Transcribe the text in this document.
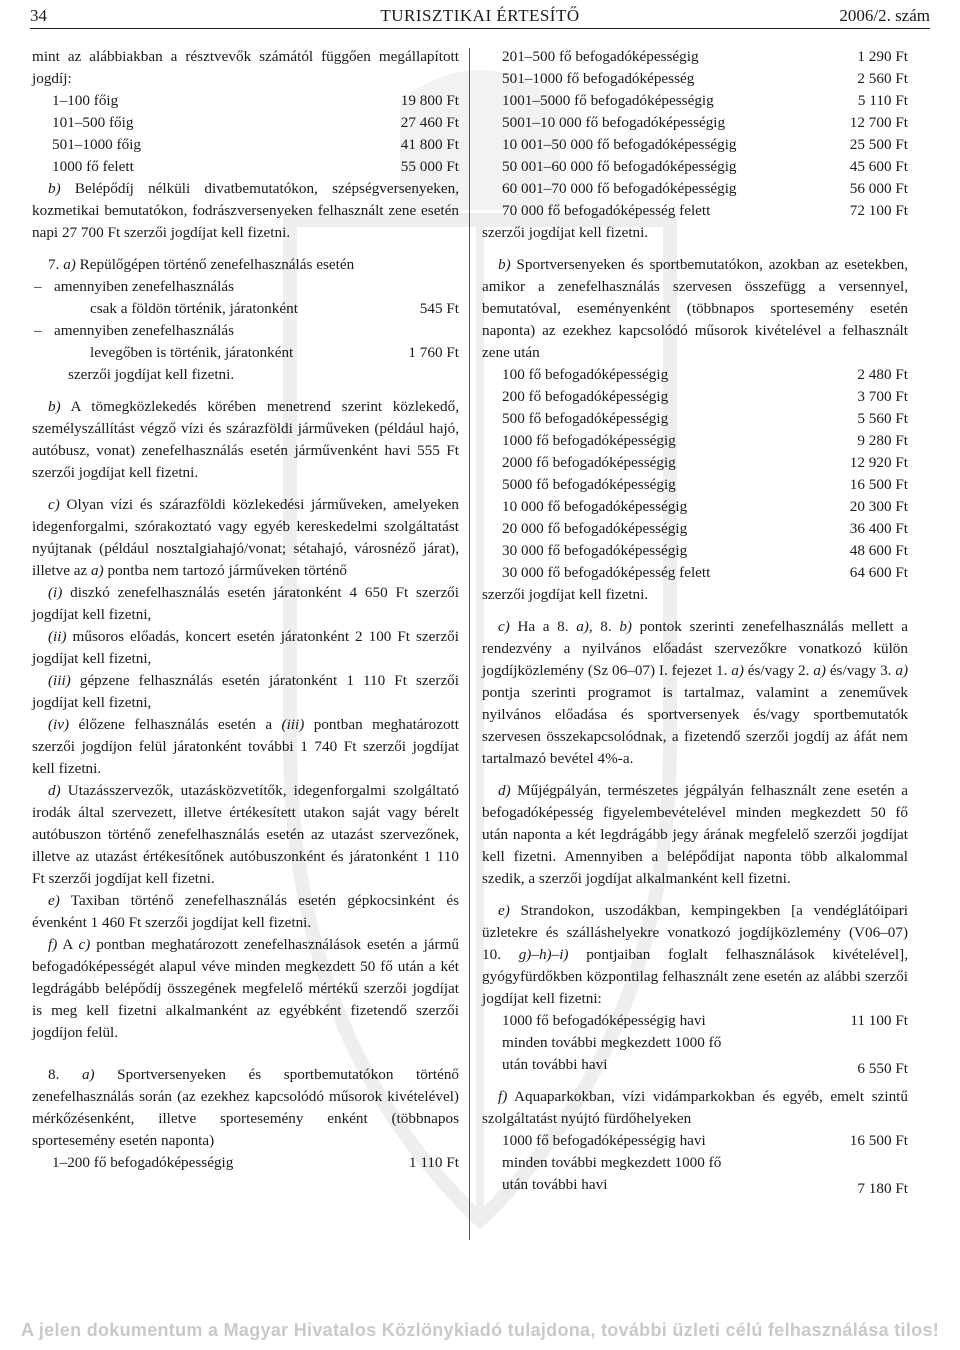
34	TURISZTIKAI ÉRTESÍTŐ	2006/2. szám

mint az alábbiakban a résztvevők számától függően megállapított jogdíj:

1–100 főig	19 800 Ft
101–500 főig	27 460 Ft
501–1000 főig	41 800 Ft
1000 fő felett	55 000 Ft

b) Belépődíj nélküli divatbemutatókon, szépségversenyeken, kozmetikai bemutatókon, fodrászversenyeken felhasznált zene esetén napi 27 700 Ft szerzői jogdíjat kell fizetni.

7. a) Repülőgépen történő zenefelhasználás esetén

– amennyiben zenefelhasználás
csak a földön történik, járatonként	545 Ft
– amennyiben zenefelhasználás
levegőben is történik, járatonként	1 760 Ft

szerzői jogdíjat kell fizetni.

b) A tömegközlekedés körében menetrend szerint közlekedő, személyszállítást végző vízi és szárazföldi járműveken (például hajó, autóbusz, vonat) zenefelhasználás esetén járművenként havi 555 Ft szerzői jogdíjat kell fizetni.

c) Olyan vízi és szárazföldi közlekedési járműveken, amelyeken idegenforgalmi, szórakoztató vagy egyéb kereskedelmi szolgáltatást nyújtanak (például nosztalgiahajó/vonat; sétahajó, városnéző járat), illetve az a) pontba nem tartozó járműveken történő

(i) diszkó zenefelhasználás esetén járatonként 4 650 Ft szerzői jogdíjat kell fizetni,

(ii) műsoros előadás, koncert esetén járatonként 2 100 Ft szerzői jogdíjat kell fizetni,

(iii) gépzene felhasználás esetén járatonként 1 110 Ft szerzői jogdíjat kell fizetni,

(iv) élőzene felhasználás esetén a (iii) pontban meghatározott szerzői jogdíjon felül járatonként további 1 740 Ft szerzői jogdíjat kell fizetni.

d) Utazásszervezők, utazásközvetítők, idegenforgalmi szolgáltató irodák által szervezett, illetve értékesített utakon saját vagy bérelt autóbuszon történő zenefelhasználás esetén az utazást szervezőnek, illetve az utazást értékesítőnek autóbuszonként és járatonként 1 110 Ft szerzői jogdíjat kell fizetni.

e) Taxiban történő zenefelhasználás esetén gépkocsinként és évenként 1 460 Ft szerzői jogdíjat kell fizetni.

f) A c) pontban meghatározott zenefelhasználások esetén a jármű befogadóképességét alapul véve minden megkezdett 50 fő után a két legdrágább belépődíj összegének megfelelő mértékű szerzői jogdíjat is meg kell fizetni alkalmanként az egyébként fizetendő szerzői jogdíjon felül.

8. a) Sportversenyeken és sportbemutatókon történő zenefelhasználás során (az ezekhez kapcsolódó műsorok kivételével) mérkőzésenként, illetve sportesemény enként (többnapos sportesemény esetén naponta)

1–200 fő befogadóképességig	1 110 Ft
201–500 fő befogadóképességig	1 290 Ft
501–1000 fő befogadóképesség	2 560 Ft
1001–5000 fő befogadóképességig	5 110 Ft
5001–10 000 fő befogadóképességig	12 700 Ft
10 001–50 000 fő befogadóképességig	25 500 Ft
50 001–60 000 fő befogadóképességig	45 600 Ft
60 001–70 000 fő befogadóképességig	56 000 Ft
70 000 fő befogadóképesség felett	72 100 Ft

szerzői jogdíjat kell fizetni.

b) Sportversenyeken és sportbemutatókon, azokban az esetekben, amikor a zenefelhasználás szervesen összefügg a versennyel, bemutatóval, eseményenként (többnapos sportesemény esetén naponta) az ezekhez kapcsolódó műsorok kivételével a felhasznált zene után

100 fő befogadóképességig	2 480 Ft
200 fő befogadóképességig	3 700 Ft
500 fő befogadóképességig	5 560 Ft
1000 fő befogadóképességig	9 280 Ft
2000 fő befogadóképességig	12 920 Ft
5000 fő befogadóképességig	16 500 Ft
10 000 fő befogadóképességig	20 300 Ft
20 000 fő befogadóképességig	36 400 Ft
30 000 fő befogadóképességig	48 600 Ft
30 000 fő befogadóképesség felett	64 600 Ft

szerzői jogdíjat kell fizetni.

c) Ha a 8. a), 8. b) pontok szerinti zenefelhasználás mellett a rendezvény a nyilvános előadást szervezőkre vonatkozó külön jogdíjközlemény (Sz 06–07) I. fejezet 1. a) és/vagy 2. a) és/vagy 3. a) pontja szerinti programot is tartalmaz, valamint a zeneművek nyilvános előadása és sportversenyek és/vagy sportbemutatók szervesen összekapcsolódnak, a fizetendő szerzői jogdíj az áfát nem tartalmazó bevétel 4%-a.

d) Műjégpályán, természetes jégpályán felhasznált zene esetén a befogadóképesség figyelembevételével minden megkezdett 50 fő után naponta a két legdrágább jegy árának megfelelő szerzői jogdíjat kell fizetni. Amennyiben a belépődíjat naponta több alkalommal szedik, a szerzői jogdíjat alkalmanként kell fizetni.

e) Strandokon, uszodákban, kempingekben [a vendéglátóipari üzletekre és szálláshelyekre vonatkozó jogdíjközlemény (V06–07) 10. g)–h)–i) pontjaiban foglalt felhasználások kivételével], gyógyfürdőkben központilag felhasznált zene esetén az alábbi szerzői jogdíjat kell fizetni:

1000 fő befogadóképességig havi	11 100 Ft
minden további megkezdett 1000 fő
után további havi	6 550 Ft

f) Aquaparkokban, vízi vidámparkokban és egyéb, emelt szintű szolgáltatást nyújtó fürdőhelyeken

1000 fő befogadóképességig havi	16 500 Ft
minden további megkezdett 1000 fő
után további havi	7 180 Ft
A jelen dokumentum a Magyar Hivatalos Közlönykiadó tulajdona, további üzleti célú felhasználása tilos!
